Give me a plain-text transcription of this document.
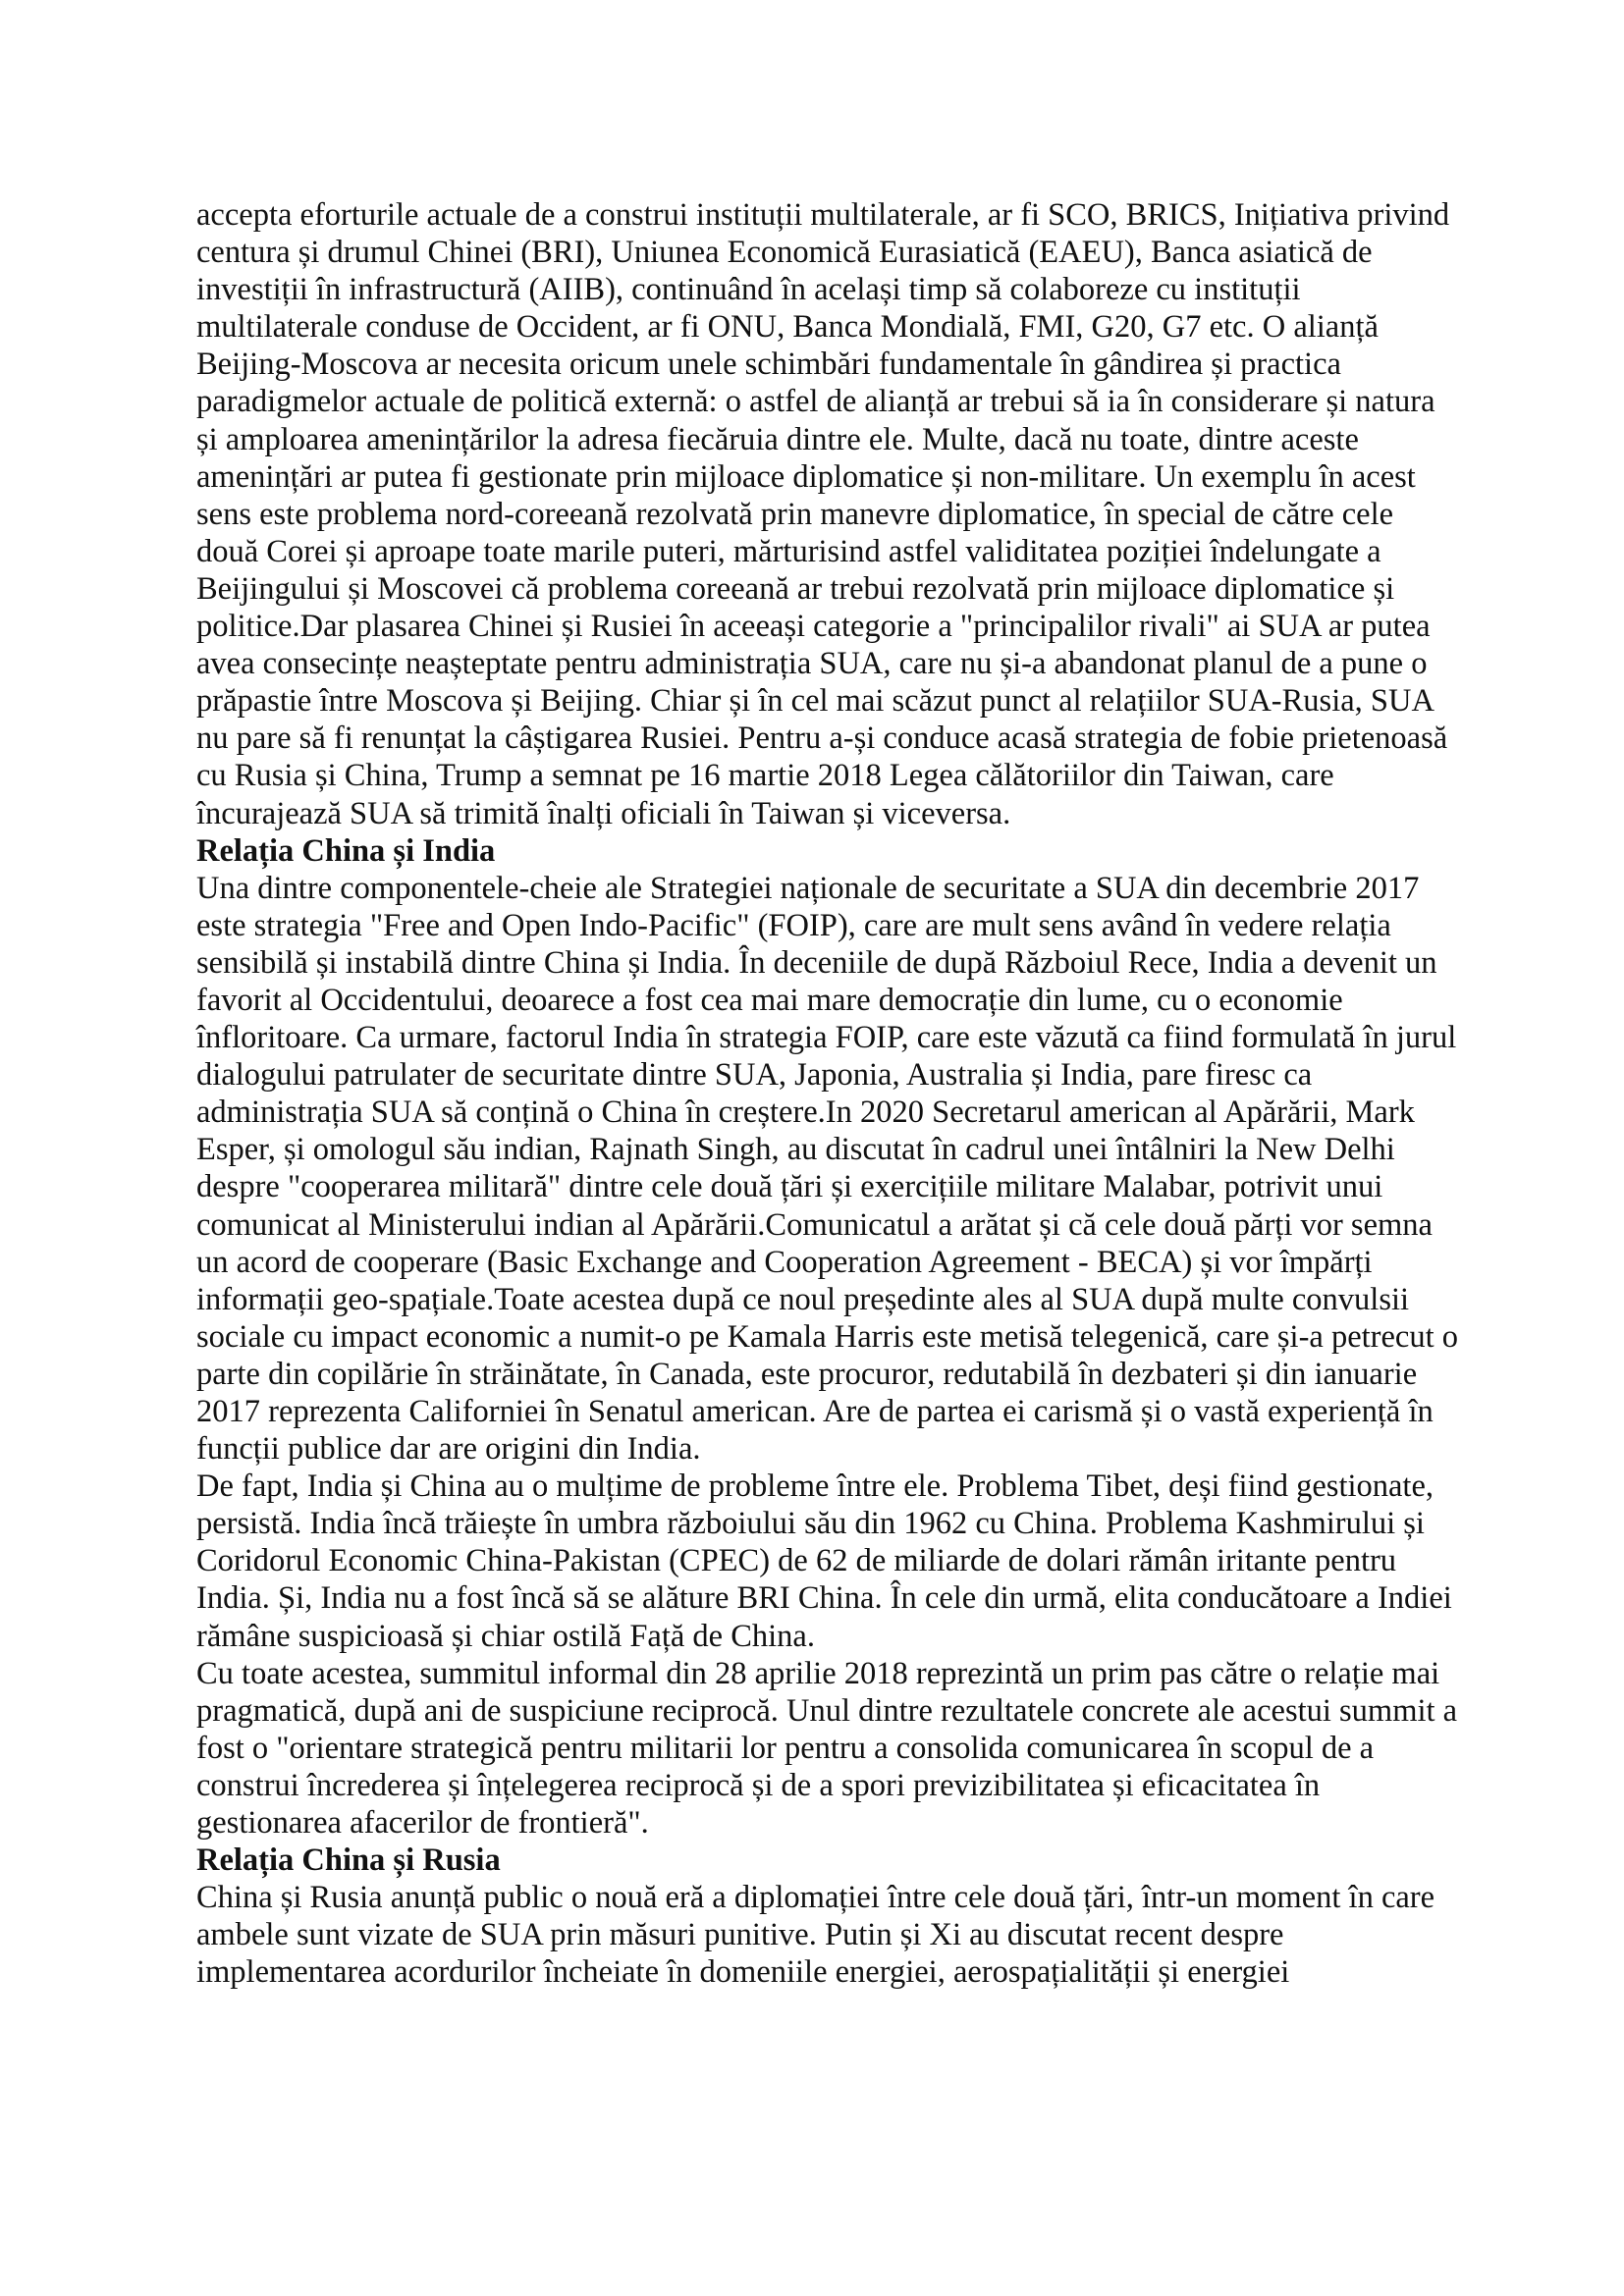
accepta eforturile actuale de a construi instituții multilaterale, ar fi SCO, BRICS, Inițiativa privind centura și drumul Chinei (BRI), Uniunea Economică Eurasiatică (EAEU), Banca asiatică de investiții în infrastructură (AIIB), continuând în același timp să colaboreze cu instituții multilaterale conduse de Occident, ar fi ONU, Banca Mondială, FMI, G20, G7 etc. O alianță Beijing-Moscova ar necesita oricum unele schimbări fundamentale în gândirea și practica paradigmelor actuale de politică externă: o astfel de alianță ar trebui să ia în considerare și natura și amploarea amenințărilor la adresa fiecăruia dintre ele. Multe, dacă nu toate, dintre aceste amenințări ar putea fi gestionate prin mijloace diplomatice și non-militare. Un exemplu în acest sens este problema nord-coreeană rezolvată prin manevre diplomatice, în special de către cele două Corei și aproape toate marile puteri, mărturisind astfel validitatea poziției îndelungate a Beijingului și Moscovei că problema coreeană ar trebui rezolvată prin mijloace diplomatice și politice.Dar plasarea Chinei și Rusiei în aceeași categorie a "principalilor rivali" ai SUA ar putea avea consecințe neașteptate pentru administrația SUA, care nu și-a abandonat planul de a pune o prăpastie între Moscova și Beijing. Chiar și în cel mai scăzut punct al relațiilor SUA-Rusia, SUA nu pare să fi renunțat la câștigarea Rusiei. Pentru a-și conduce acasă strategia de fobie prietenoasă cu Rusia și China, Trump a semnat pe 16 martie 2018 Legea călătoriilor din Taiwan, care încurajează SUA să trimită înalți oficiali în Taiwan și viceversa.

Relația China și India

Una dintre componentele-cheie ale Strategiei naționale de securitate a SUA din decembrie 2017 este strategia "Free and Open Indo-Pacific" (FOIP), care are mult sens având în vedere relația sensibilă și instabilă dintre China și India. În deceniile de după Războiul Rece, India a devenit un favorit al Occidentului, deoarece a fost cea mai mare democrație din lume, cu o economie înfloritoare. Ca urmare, factorul India în strategia FOIP, care este văzută ca fiind formulată în jurul dialogului patrulater de securitate dintre SUA, Japonia, Australia și India, pare firesc ca administrația SUA să conțină o China în creștere.In 2020 Secretarul american al Apărării, Mark Esper, și omologul său indian, Rajnath Singh, au discutat în cadrul unei întâlniri la New Delhi despre "cooperarea militară" dintre cele două țări și exercițiile militare Malabar, potrivit unui comunicat al Ministerului indian al Apărării.Comunicatul a arătat și că cele două părți vor semna un acord de cooperare (Basic Exchange and Cooperation Agreement - BECA) și vor împărți informații geo-spațiale.Toate acestea după ce noul președinte ales al SUA după multe convulsii sociale cu impact economic a numit-o pe Kamala Harris este metisă telegenică, care și-a petrecut o parte din copilărie în străinătate, în Canada, este procuror, redutabilă în dezbateri și din ianuarie 2017 reprezenta Californiei în Senatul american. Are de partea ei carismă și o vastă experiență în funcții publice dar are origini din India.

De fapt, India și China au o mulțime de probleme între ele. Problema Tibet, deși fiind gestionate, persistă. India încă trăiește în umbra războiului său din 1962 cu China. Problema Kashmirului și Coridorul Economic China-Pakistan (CPEC) de 62 de miliarde de dolari rămân iritante pentru India. Și, India nu a fost încă să se alăture BRI China. În cele din urmă, elita conducătoare a Indiei rămâne suspicioasă și chiar ostilă Față de China.

Cu toate acestea, summitul informal din 28 aprilie 2018 reprezintă un prim pas către o relație mai pragmatică, după ani de suspiciune reciprocă. Unul dintre rezultatele concrete ale acestui summit a fost o "orientare strategică pentru militarii lor pentru a consolida comunicarea în scopul de a construi încrederea și înțelegerea reciprocă și de a spori previzibilitatea și eficacitatea în gestionarea afacerilor de frontieră".

Relația China și Rusia

China și Rusia anunță public o nouă eră a diplomației între cele două țări, într-un moment în care ambele sunt vizate de SUA prin măsuri punitive. Putin și Xi au discutat recent despre implementarea acordurilor încheiate în domeniile energiei, aerospațialității și energiei
